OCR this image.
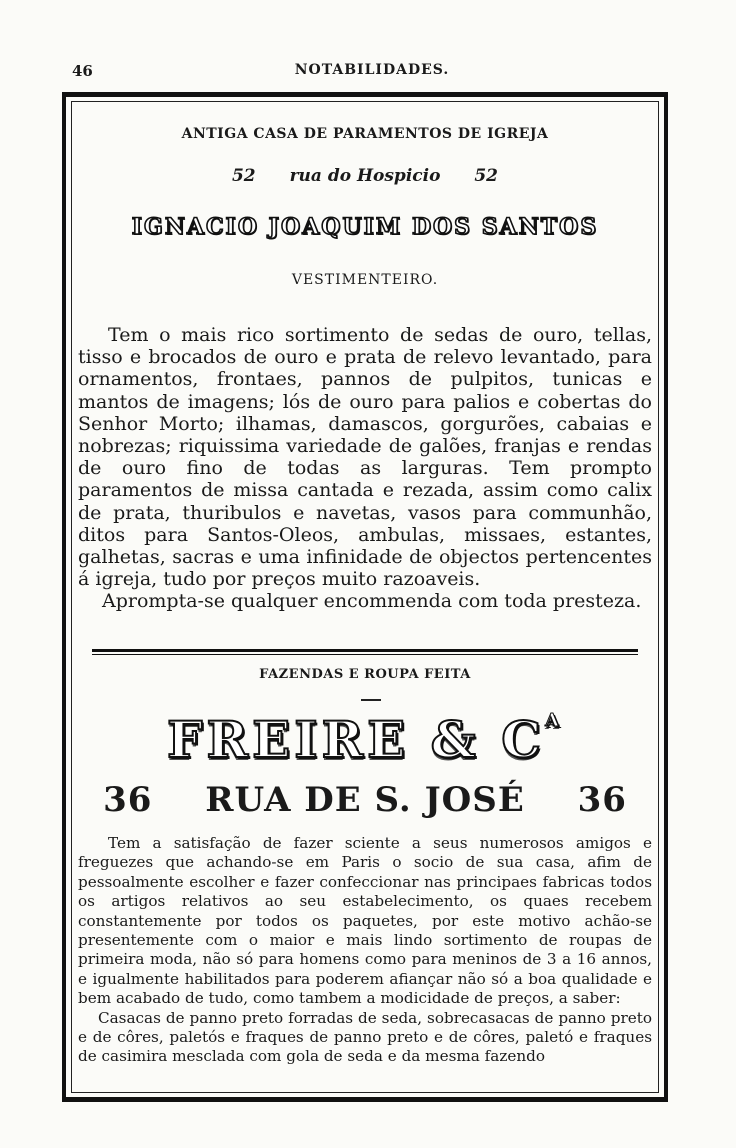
46	NOTABILIDADES.
ANTIGA CASA DE PARAMENTOS DE IGREJA
52 rua do Hospicio 52
IGNACIO JOAQUIM DOS SANTOS
VESTIMENTEIRO.

Tem o mais rico sortimento de sedas de ouro, tellas, tisso e brocados de ouro e prata de relevo levantado, para ornamentos, frontaes, pannos de pulpitos, tunicas e mantos de imagens; lós de ouro para palios e cobertas do Senhor Morto; ilhamas, damascos, gorgurões, cabaias e nobrezas; riquissima variedade de galões, franjas e rendas de ouro fino de todas as larguras. Tem prompto paramentos de missa cantada e rezada, assim como calix de prata, thuribulos e navetas, vasos para communhão, ditos para Santos-Oleos, ambulas, missaes, estantes, galhetas, sacras e uma infinidade de objectos pertencentes á igreja, tudo por preços muito razoaveis.

Apromptа-se qualquer encommenda com toda presteza.

FAZENDAS E ROUPA FEITA
FREIRE & $C^A$
36 RUA DE S. JOSÉ 36

Tem a satisfação de fazer sciente a seus numerosos amigos e freguezes que achando-se em Paris o socio de sua casa, afim de pessoalmente escolher e fazer confeccionar nas principaes fabricas todos os artigos relativos ao seu estabelecimento, os quaes recebem constantemente por todos os paquetes, por este motivo achão-se presentemente com o maior e mais lindo sortimento de roupas de primeira moda, não só para homens como para meninos de 3 a 16 annos, e igualmente habilitados para poderem afiançar não só a boa qualidade e bem acabado de tudo, como tambem a modicidade de preços, a saber:

Casacas de panno preto forradas de seda, sobrecasacas de panno preto e de côres, paletós e fraques de panno preto e de côres, paletó e fraques de casimira mesclada com gola de seda e da mesma fazendo
